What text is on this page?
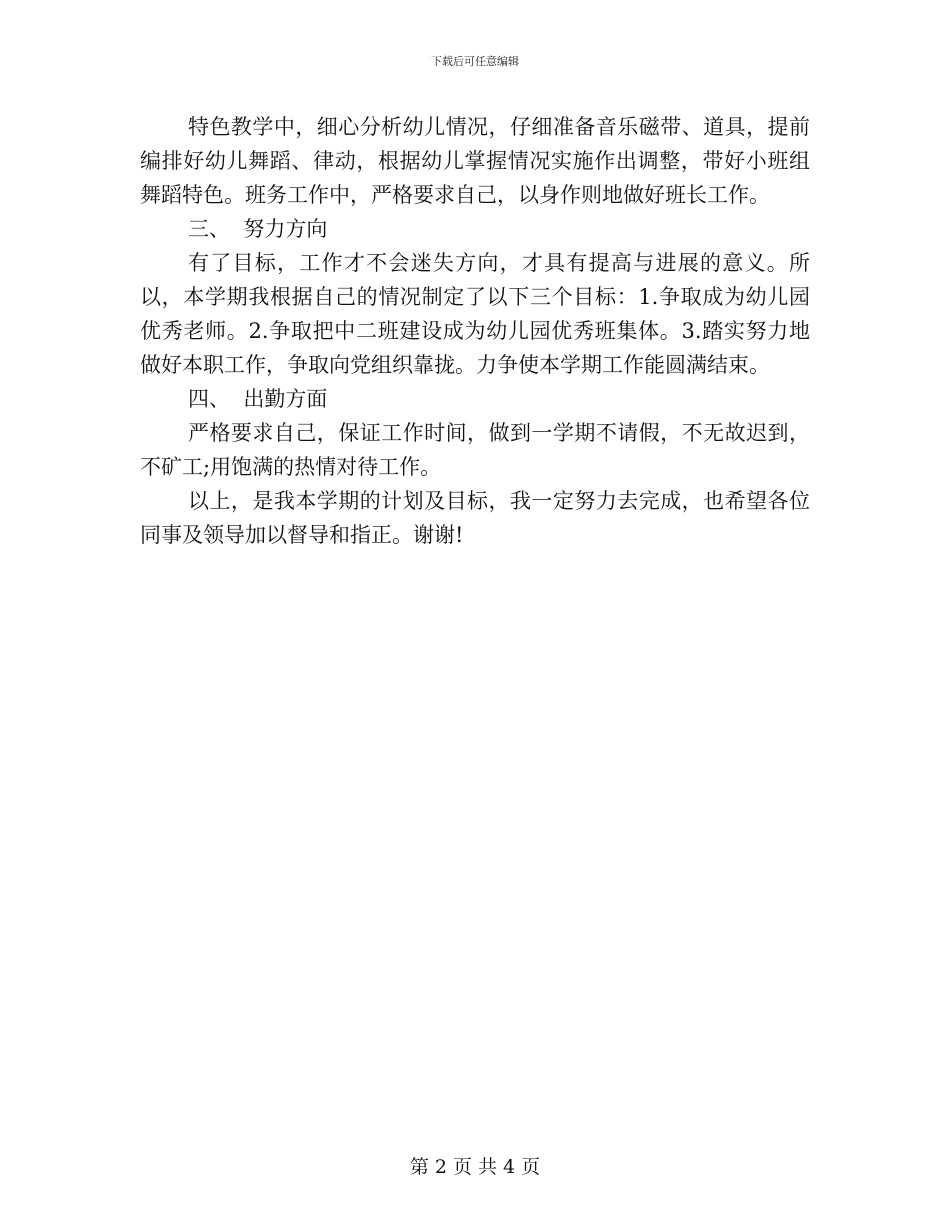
下载后可任意编辑

特色教学中，细心分析幼儿情况，仔细准备音乐磁带、道具，提前编排好幼儿舞蹈、律动，根据幼儿掌握情况实施作出调整，带好小班组舞蹈特色。班务工作中，严格要求自己，以身作则地做好班长工作。

三、  努力方向

有了目标，工作才不会迷失方向，才具有提高与进展的意义。所以，本学期我根据自己的情况制定了以下三个目标：1.争取成为幼儿园优秀老师。2.争取把中二班建设成为幼儿园优秀班集体。3.踏实努力地做好本职工作，争取向党组织靠拢。力争使本学期工作能圆满结束。

四、  出勤方面

严格要求自己，保证工作时间，做到一学期不请假，不无故迟到，不矿工;用饱满的热情对待工作。

以上，是我本学期的计划及目标，我一定努力去完成，也希望各位同事及领导加以督导和指正。谢谢!

第 2 页 共 4 页
